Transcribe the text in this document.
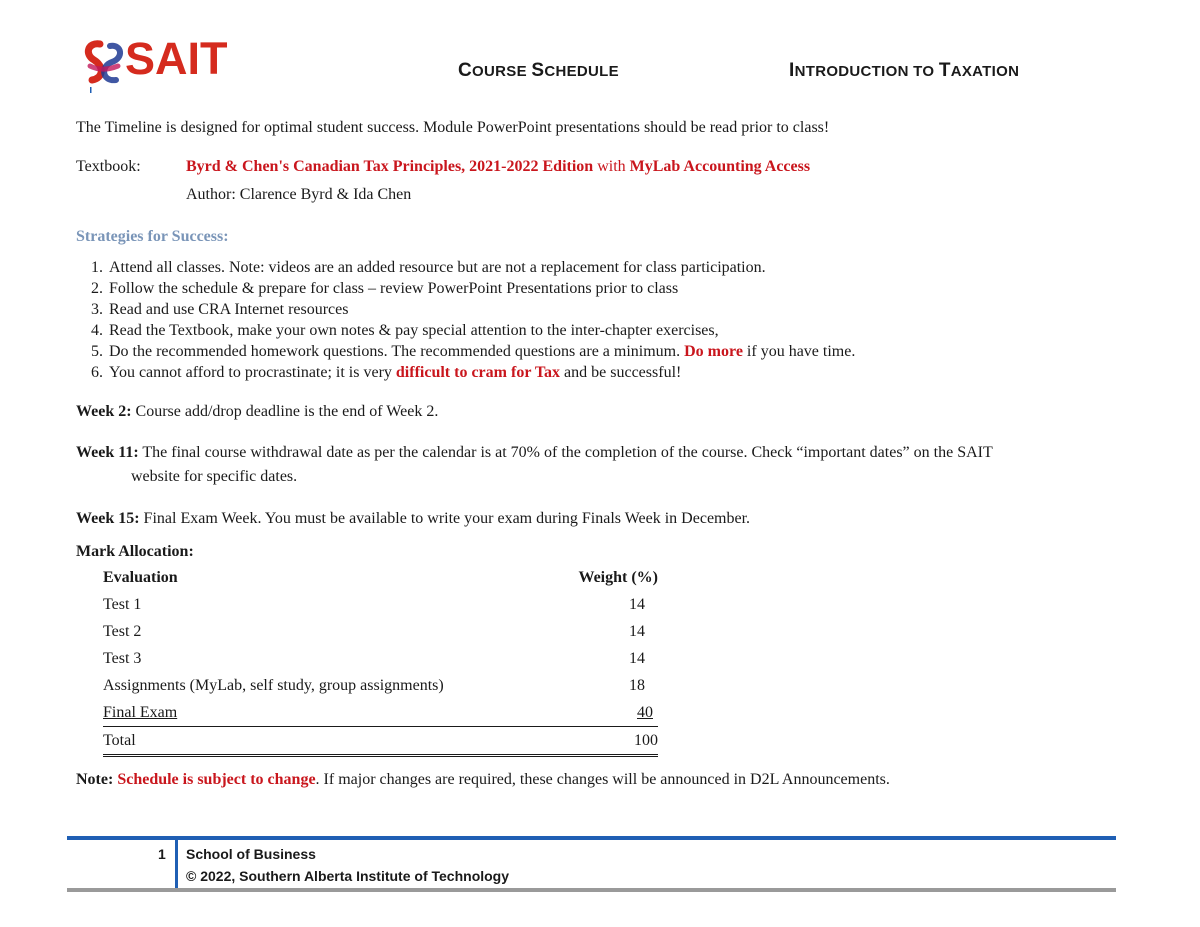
SAIT	COURSE SCHEDULE	INTRODUCTION TO TAXATION
The Timeline is designed for optimal student success. Module PowerPoint presentations should be read prior to class!
Textbook:	Byrd & Chen's Canadian Tax Principles, 2021-2022 Edition with MyLab Accounting Access
Author: Clarence Byrd & Ida Chen
Strategies for Success:
1. Attend all classes. Note: videos are an added resource but are not a replacement for class participation.
2. Follow the schedule & prepare for class – review PowerPoint Presentations prior to class
3. Read and use CRA Internet resources
4. Read the Textbook, make your own notes & pay special attention to the inter-chapter exercises,
5. Do the recommended homework questions. The recommended questions are a minimum. Do more if you have time.
6. You cannot afford to procrastinate; it is very difficult to cram for Tax and be successful!
Week 2: Course add/drop deadline is the end of Week 2.
Week 11: The final course withdrawal date as per the calendar is at 70% of the completion of the course. Check “important dates” on the SAIT
website for specific dates.
Week 15: Final Exam Week. You must be available to write your exam during Finals Week in December.
Mark Allocation:
Evaluation	Weight (%)
Test 1	14
Test 2	14
Test 3	14
Assignments (MyLab, self study, group assignments)	18
Final Exam	40
Total	100
Note: Schedule is subject to change. If major changes are required, these changes will be announced in D2L Announcements.
1 School of Business
© 2022, Southern Alberta Institute of Technology
